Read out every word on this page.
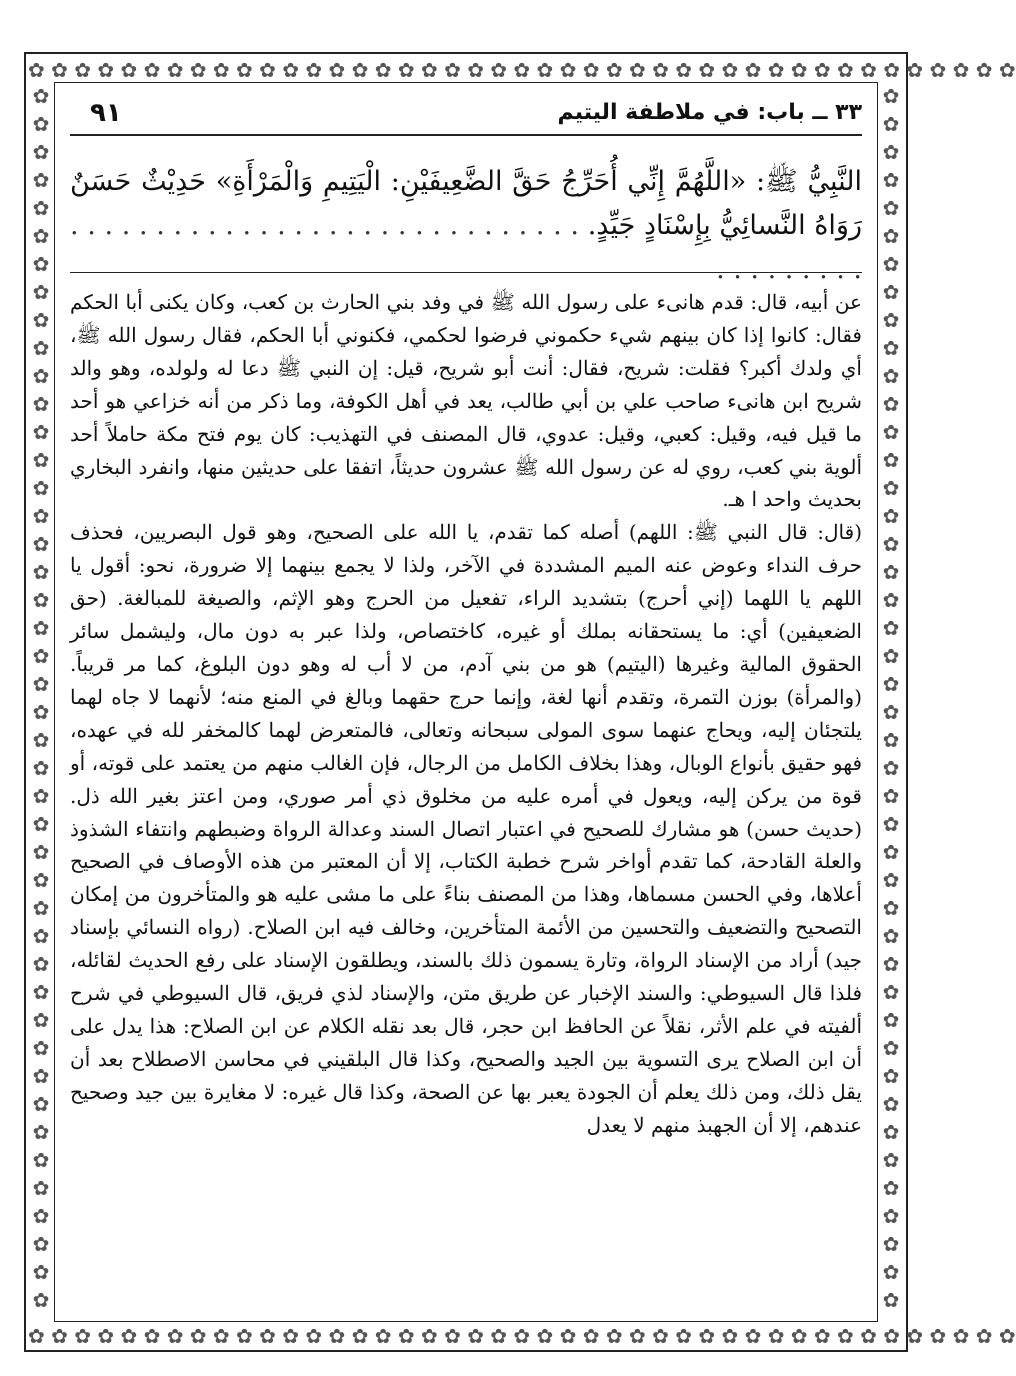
✿ ✿ ✿ ✿ ✿ ✿ ✿ ✿ ✿ ✿ ✿ ✿ ✿ ✿ ✿ ✿ ✿ ✿ ✿ ✿ ✿ ✿ ✿ ✿ ✿ ✿ ✿ ✿ ✿ ✿ ✿ ✿ ✿ ✿ ✿ ✿ ✿ ✿ ✿ ✿ ✿ ✿ ✿
✿ ✿ ✿ ✿ ✿ ✿ ✿ ✿ ✿ ✿ ✿ ✿ ✿ ✿ ✿ ✿ ✿ ✿ ✿ ✿ ✿ ✿ ✿ ✿ ✿ ✿ ✿ ✿ ✿ ✿ ✿ ✿ ✿ ✿ ✿ ✿ ✿ ✿ ✿ ✿ ✿ ✿ ✿
✿✿✿✿✿✿✿✿✿✿✿✿✿✿✿✿✿✿✿✿✿✿✿✿✿✿✿✿✿✿✿✿✿✿✿✿✿✿✿✿✿✿✿✿
✿✿✿✿✿✿✿✿✿✿✿✿✿✿✿✿✿✿✿✿✿✿✿✿✿✿✿✿✿✿✿✿✿✿✿✿✿✿✿✿✿✿✿✿
٣٣ ــ باب: في ملاطفة اليتيم
٩١
النَّبِيُّ ﷺ: «اللَّهُمَّ إِنِّي أُحَرِّجُ حَقَّ الضَّعِيفَيْنِ: الْيَتِيمِ وَالْمَرْأَةِ» حَدِيْثٌ حَسَنٌ رَوَاهُ النَّسائِيُّ بِإِسْنَادٍ جَيِّدٍ. . . . . . . . . . . . . . . . . . . . . . . . . . . . . . . . . . . . . . . .

عن أبيه، قال: قدم هانىء على رسول الله ﷺ في وفد بني الحارث بن كعب، وكان يكنى أبا الحكم فقال: كانوا إذا كان بينهم شيء حكموني فرضوا لحكمي، فكنوني أبا الحكم، فقال رسول الله ﷺ، أي ولدك أكبر؟ فقلت: شريح، فقال: أنت أبو شريح، قيل: إن النبي ﷺ دعا له ولولده، وهو والد شريح ابن هانىء صاحب علي بن أبي طالب، يعد في أهل الكوفة، وما ذكر من أنه خزاعي هو أحد ما قيل فيه، وقيل: كعبي، وقيل: عدوي، قال المصنف في التهذيب: كان يوم فتح مكة حاملاً أحد ألوية بني كعب، روي له عن رسول الله ﷺ عشرون حديثاً، اتفقا على حديثين منها، وانفرد البخاري بحديث واحد ا هـ.

(قال: قال النبي ﷺ: اللهم) أصله كما تقدم، يا الله على الصحيح، وهو قول البصريين، فحذف حرف النداء وعوض عنه الميم المشددة في الآخر، ولذا لا يجمع بينهما إلا ضرورة، نحو: أقول يا اللهم يا اللهما (إني أحرج) بتشديد الراء، تفعيل من الحرج وهو الإثم، والصيغة للمبالغة. (حق الضعيفين) أي: ما يستحقانه بملك أو غيره، كاختصاص، ولذا عبر به دون مال، وليشمل سائر الحقوق المالية وغيرها (اليتيم) هو من بني آدم، من لا أب له وهو دون البلوغ، كما مر قريباً. (والمرأة) بوزن التمرة، وتقدم أنها لغة، وإنما حرج حقهما وبالغ في المنع منه؛ لأنهما لا جاه لهما يلتجئان إليه، ويحاج عنهما سوى المولى سبحانه وتعالى، فالمتعرض لهما كالمخفر لله في عهده، فهو حقيق بأنواع الوبال، وهذا بخلاف الكامل من الرجال، فإن الغالب منهم من يعتمد على قوته، أو قوة من يركن إليه، ويعول في أمره عليه من مخلوق ذي أمر صوري، ومن اعتز بغير الله ذل. (حديث حسن) هو مشارك للصحيح في اعتبار اتصال السند وعدالة الرواة وضبطهم وانتفاء الشذوذ والعلة القادحة، كما تقدم أواخر شرح خطبة الكتاب، إلا أن المعتبر من هذه الأوصاف في الصحيح أعلاها، وفي الحسن مسماها، وهذا من المصنف بناءً على ما مشى عليه هو والمتأخرون من إمكان التصحيح والتضعيف والتحسين من الأئمة المتأخرين، وخالف فيه ابن الصلاح. (رواه النسائي بإسناد جيد) أراد من الإسناد الرواة، وتارة يسمون ذلك بالسند، ويطلقون الإسناد على رفع الحديث لقائله، فلذا قال السيوطي: والسند الإخبار عن طريق متن، والإسناد لذي فريق، قال السيوطي في شرح ألفيته في علم الأثر، نقلاً عن الحافظ ابن حجر، قال بعد نقله الكلام عن ابن الصلاح: هذا يدل على أن ابن الصلاح يرى التسوية بين الجيد والصحيح، وكذا قال البلقيني في محاسن الاصطلاح بعد أن يقل ذلك، ومن ذلك يعلم أن الجودة يعبر بها عن الصحة، وكذا قال غيره: لا مغايرة بين جيد وصحيح عندهم، إلا أن الجهبذ منهم لا يعدل
